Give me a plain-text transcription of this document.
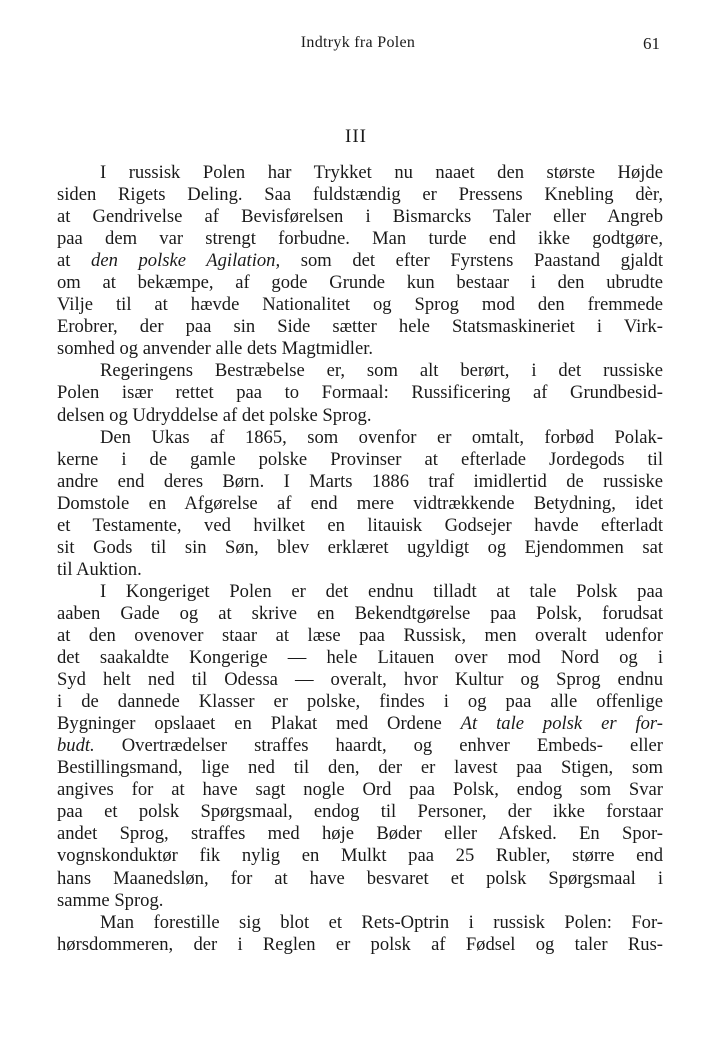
Indtryk fra Polen	61
III
I russisk Polen har Trykket nu naaet den største Højde
siden Rigets Deling. Saa fuldstændig er Pressens Knebling dèr,
at Gendrivelse af Bevisførelsen i Bismarcks Taler eller Angreb
paa dem var strengt forbudne. Man turde end ikke godtgøre,
at den polske Agilation, som det efter Fyrstens Paastand gjaldt
om at bekæmpe, af gode Grunde kun bestaar i den ubrudte
Vilje til at hævde Nationalitet og Sprog mod den fremmede
Erobrer, der paa sin Side sætter hele Statsmaskineriet i Virk-
somhed og anvender alle dets Magtmidler.
Regeringens Bestræbelse er, som alt berørt, i det russiske
Polen især rettet paa to Formaal: Russificering af Grundbesid-
delsen og Udryddelse af det polske Sprog.
Den Ukas af 1865, som ovenfor er omtalt, forbød Polak-
kerne i de gamle polske Provinser at efterlade Jordegods til
andre end deres Børn. I Marts 1886 traf imidlertid de russiske
Domstole en Afgørelse af end mere vidtrækkende Betydning, idet
et Testamente, ved hvilket en litauisk Godsejer havde efterladt
sit Gods til sin Søn, blev erklæret ugyldigt og Ejendommen sat
til Auktion.
I Kongeriget Polen er det endnu tilladt at tale Polsk paa
aaben Gade og at skrive en Bekendtgørelse paa Polsk, forudsat
at den ovenover staar at læse paa Russisk, men overalt udenfor
det saakaldte Kongerige — hele Litauen over mod Nord og i
Syd helt ned til Odessa — overalt, hvor Kultur og Sprog endnu
i de dannede Klasser er polske, findes i og paa alle offenlige
Bygninger opslaaet en Plakat med Ordene At tale polsk er for-
budt. Overtrædelser straffes haardt, og enhver Embeds- eller
Bestillingsmand, lige ned til den, der er lavest paa Stigen, som
angives for at have sagt nogle Ord paa Polsk, endog som Svar
paa et polsk Spørgsmaal, endog til Personer, der ikke forstaar
andet Sprog, straffes med høje Bøder eller Afsked. En Spor-
vognskonduktør fik nylig en Mulkt paa 25 Rubler, større end
hans Maanedsløn, for at have besvaret et polsk Spørgsmaal i
samme Sprog.
Man forestille sig blot et Rets-Optrin i russisk Polen: For-
hørsdommeren, der i Reglen er polsk af Fødsel og taler Rus-
